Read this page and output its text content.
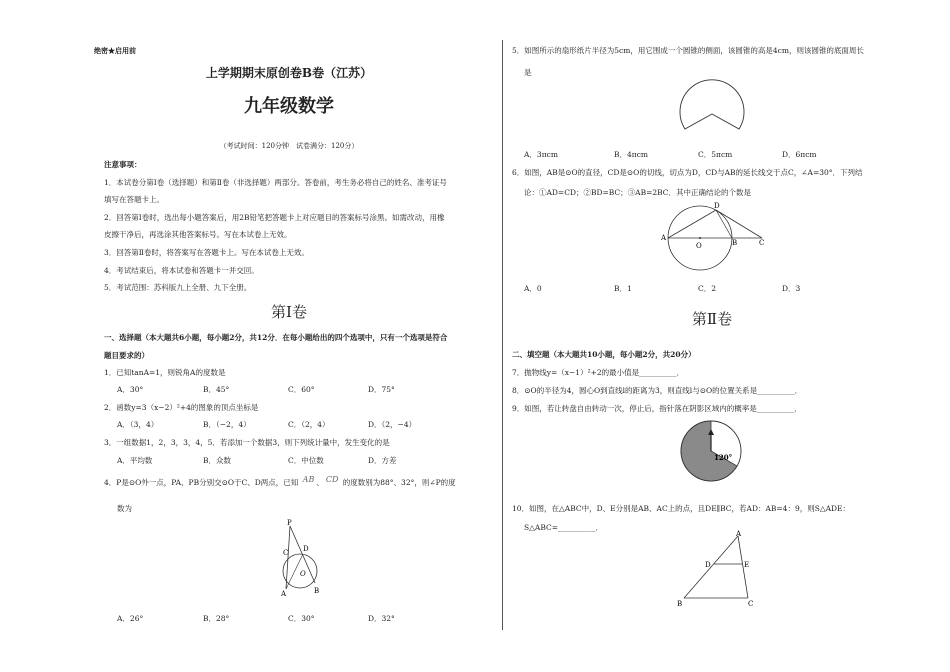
绝密★启用前
上学期期末原创卷B卷（江苏）
九年级数学
（考试时间：120分钟　试卷满分：120分）
注意事项：
1．本试卷分第Ⅰ卷（选择题）和第Ⅱ卷（非选择题）两部分。答卷前，考生务必将自己的姓名、准考证号
填写在答题卡上。
2．回答第Ⅰ卷时，选出每小题答案后，用2B铅笔把答题卡上对应题目的答案标号涂黑。如需改动，用橡
皮擦干净后，再选涂其他答案标号。写在本试卷上无效。
3．回答第Ⅱ卷时，将答案写在答题卡上。写在本试卷上无效。
4．考试结束后，将本试卷和答题卡一并交回。
5．考试范围：苏科版九上全册、九下全册。
第Ⅰ卷
一、选择题（本大题共6小题，每小题2分，共12分．在每小题给出的四个选项中，只有一个选项是符合
题目要求的）
1．已知tanA=1，则锐角A的度数是
A．30°	B．45°	C．60°	D．75°
2．函数y=3（x−2）²+4的图象的顶点坐标是
A．（3，4）	B．（−2，4）	C．（2，4）	D．（2，−4）
3．一组数据1，2，3，3，4，5．若添加一个数据3，则下列统计量中，发生变化的是
A．平均数	B．众数	C．中位数	D．方差
4．P是⊙O外一点，PA、PB分别交⊙O于C、D两点，已知 AB 、 CD 的度数别为88°、32°，则∠P的度
数为
P
C D
O
A	B
A．26°	B．28°	C．30°	D．32°
5．如图所示的扇形纸片半径为5cm，用它围成一个圆锥的侧面，该圆锥的高是4cm，则该圆锥的底面周长
是
A．3πcm	B．4πcm	C．5πcm	D．6πcm
6．如图，AB是⊙O的直径，CD是⊙O的切线，切点为D，CD与AB的延长线交于点C，∠A=30°．下列结
论：①AD=CD；②BD=BC；③AB=2BC．其中正确结论的个数是
D
A
O	B	C
A．0	B．1	C．2	D．3
第Ⅱ卷
二、填空题（本大题共10小题，每小题2分，共20分）
7．抛物线y=（x−1）²+2的最小值是__________．
8．⊙O的半径为4，圆心O到直线l的距离为3，则直线l与⊙O的位置关系是__________．
9．如图，若让转盘自由转动一次，停止后，指针落在阴影区域内的概率是__________．
120°
10．如图，在△ABC中，D、E分别是AB、AC上的点，且DE∥BC，若AD：AB=4：9，则S△ADE：
S△ABC=__________．
A
D	E
B	C
